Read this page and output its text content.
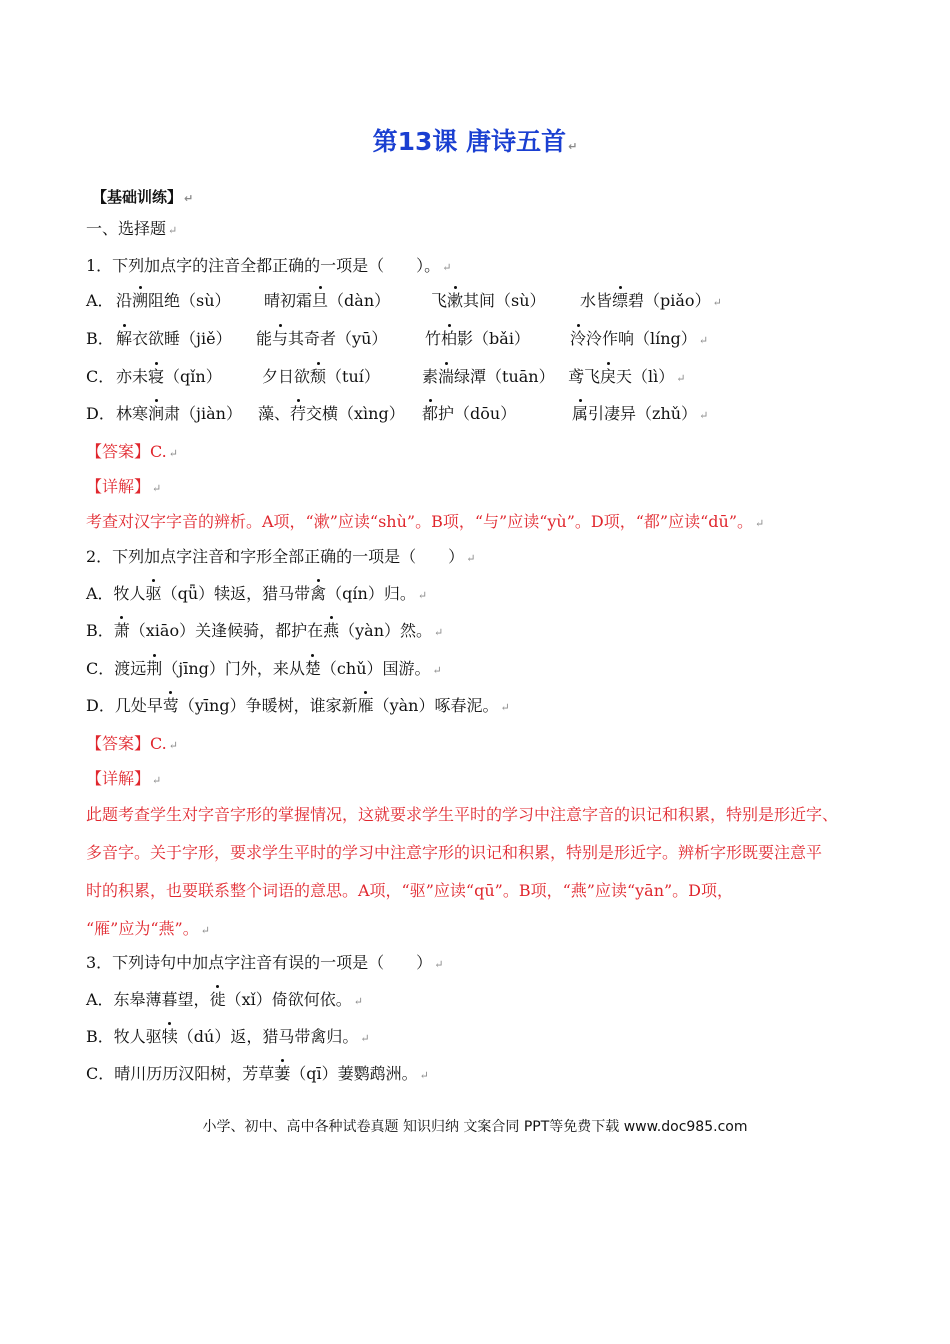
第13课 唐诗五首 ↵
【基础训练】 ↵
一、选择题 ↵
1．下列加点字的注音全都正确的一项是（　　）。 ↵
A． 沿溯阻绝（sù） 晴初霜旦（dàn）	飞漱其间（sù） 水皆缥碧（piǎo） ↵
B． 解衣欲睡（jiě） 能与其奇者（yū） 竹柏影（bǎi）	泠泠作响（líng） ↵
C． 亦未寝（qǐn）	夕日欲颓（tuí）	素湍绿潭（tuān） 鸢飞戾天（lì） ↵
D． 林寒涧肃（jiàn） 藻、荇交横（xìng） 都护（dōu）	属引凄异（zhǔ） ↵
【答案】C. ↵
【详解】 ↵
考查对汉字字音的辨析。A项，“漱”应读“shù”。B项，“与”应读“yù”。D项，“都”应读“dū”。 ↵
2．下列加点字注音和字形全部正确的一项是（　　） ↵
A．牧人驱（qǖ）犊返，猎马带禽（qín）归。 ↵
B．萧（xiāo）关逢候骑，都护在燕（yàn）然。 ↵
C．渡远荆（jīng）门外，来从楚（chǔ）国游。 ↵
D．几处早莺（yīng）争暖树，谁家新雁（yàn）啄春泥。 ↵
【答案】C. ↵
【详解】 ↵
此题考查学生对字音字形的掌握情况，这就要求学生平时的学习中注意字音的识记和积累，特别是形近字、
多音字。关于字形，要求学生平时的学习中注意字形的识记和积累，特别是形近字。辨析字形既要注意平
时的积累，也要联系整个词语的意思。A项，“驱”应读“qū”。B项，“燕”应读“yān”。D项，
“雁”应为“燕”。 ↵
3．下列诗句中加点字注音有误的一项是（　　） ↵
A．东皋薄暮望，徙（xǐ）倚欲何依。 ↵
B．牧人驱犊（dú）返，猎马带禽归。 ↵
C．晴川历历汉阳树，芳草萋（qī）萋鹦鹉洲。 ↵
小学、初中、高中各种试卷真题 知识归纳 文案合同 PPT等免费下载 www.doc985.com
